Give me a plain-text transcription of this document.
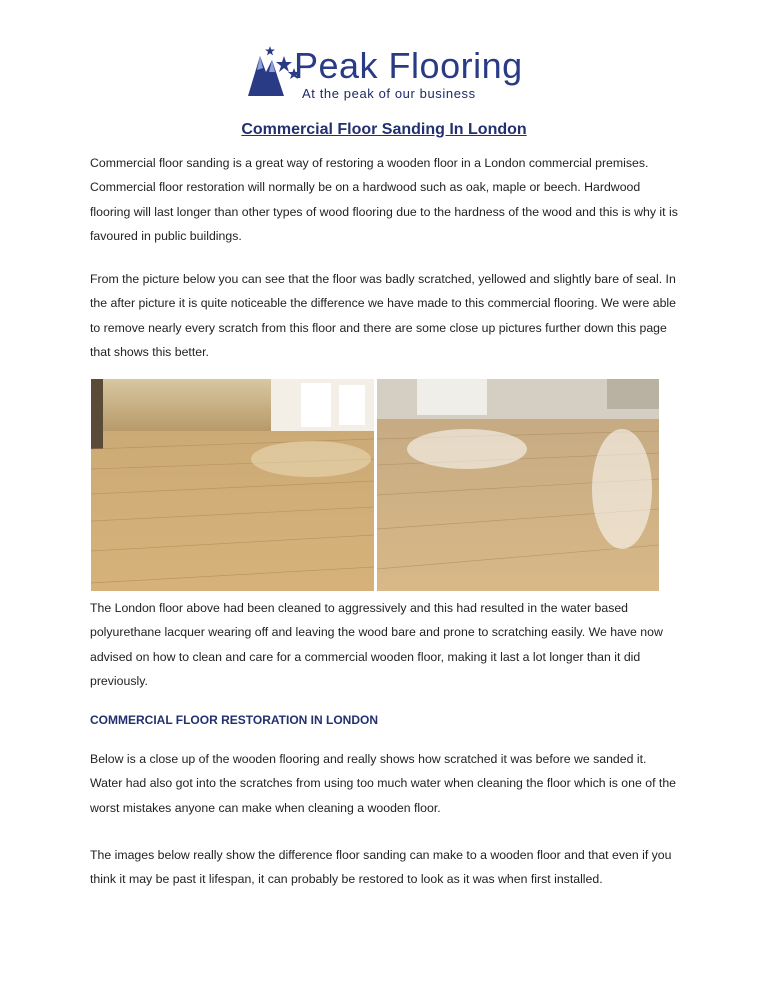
Peak Flooring
At the peak of our business
Commercial Floor Sanding In London
Commercial floor sanding is a great way of restoring a wooden floor in a London commercial premises. Commercial floor restoration will normally be on a hardwood such as oak, maple or beech. Hardwood flooring will last longer than other types of wood flooring due to the hardness of the wood and this is why it is favoured in public buildings.
From the picture below you can see that the floor was badly scratched, yellowed and slightly bare of seal. In the after picture it is quite noticeable the difference we have made to this commercial flooring. We were able to remove nearly every scratch from this floor and there are some close up pictures further down this page that shows this better.
The London floor above had been cleaned to aggressively and this had resulted in the water based polyurethane lacquer wearing off and leaving the wood bare and prone to scratching easily. We have now advised on how to clean and care for a commercial wooden floor, making it last a lot longer than it did previously.
COMMERCIAL FLOOR RESTORATION IN LONDON
Below is a close up of the wooden flooring and really shows how scratched it was before we sanded it. Water had also got into the scratches from using too much water when cleaning the floor which is one of the worst mistakes anyone can make when cleaning a wooden floor.
The images below really show the difference floor sanding can make to a wooden floor and that even if you think it may be past it lifespan, it can probably be restored to look as it was when first installed.
